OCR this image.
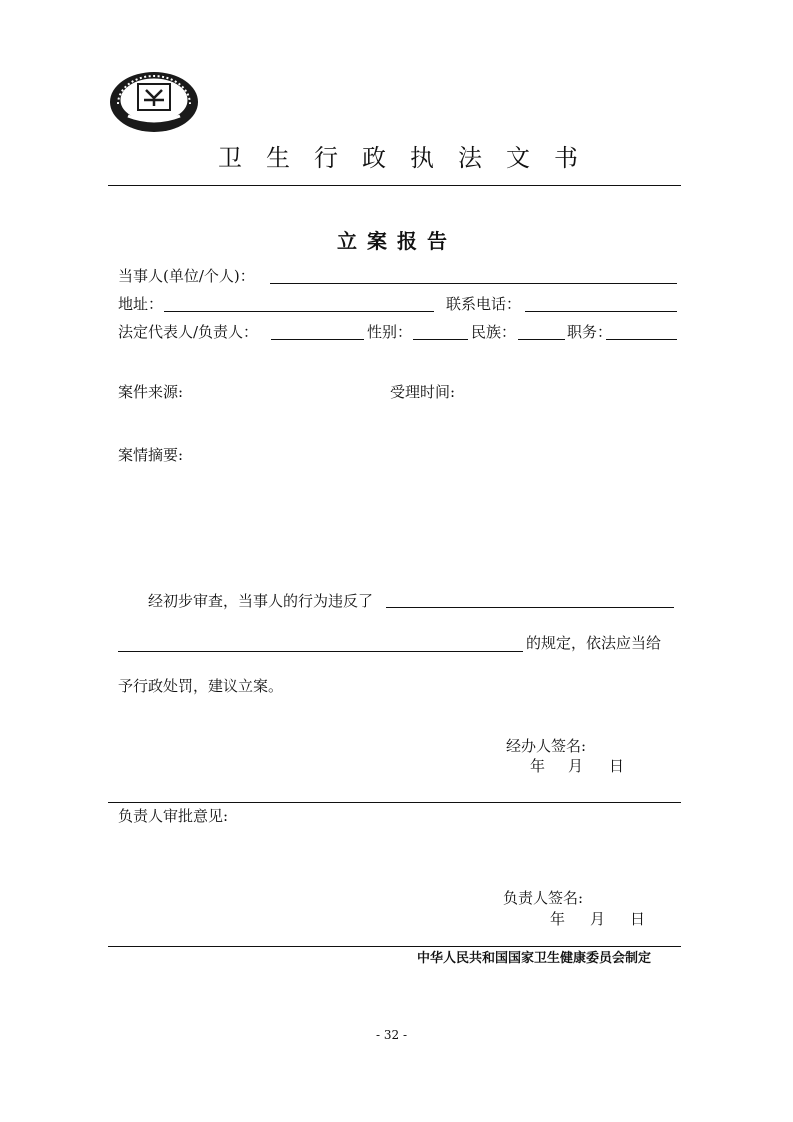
卫生行政执法文书
立案报告
当事人(单位/个人)：
地址：	联系电话：
法定代表人/负责人：	性别：	民族：	职务：
案件来源:	受理时间:
案情摘要:
经初步审查，当事人的行为违反了
的规定，依法应当给
予行政处罚，建议立案。
经办人签名:
年 月 日
负责人审批意见:
负责人签名:
年 月 日
中华人民共和国国家卫生健康委员会制定
- 32 -
